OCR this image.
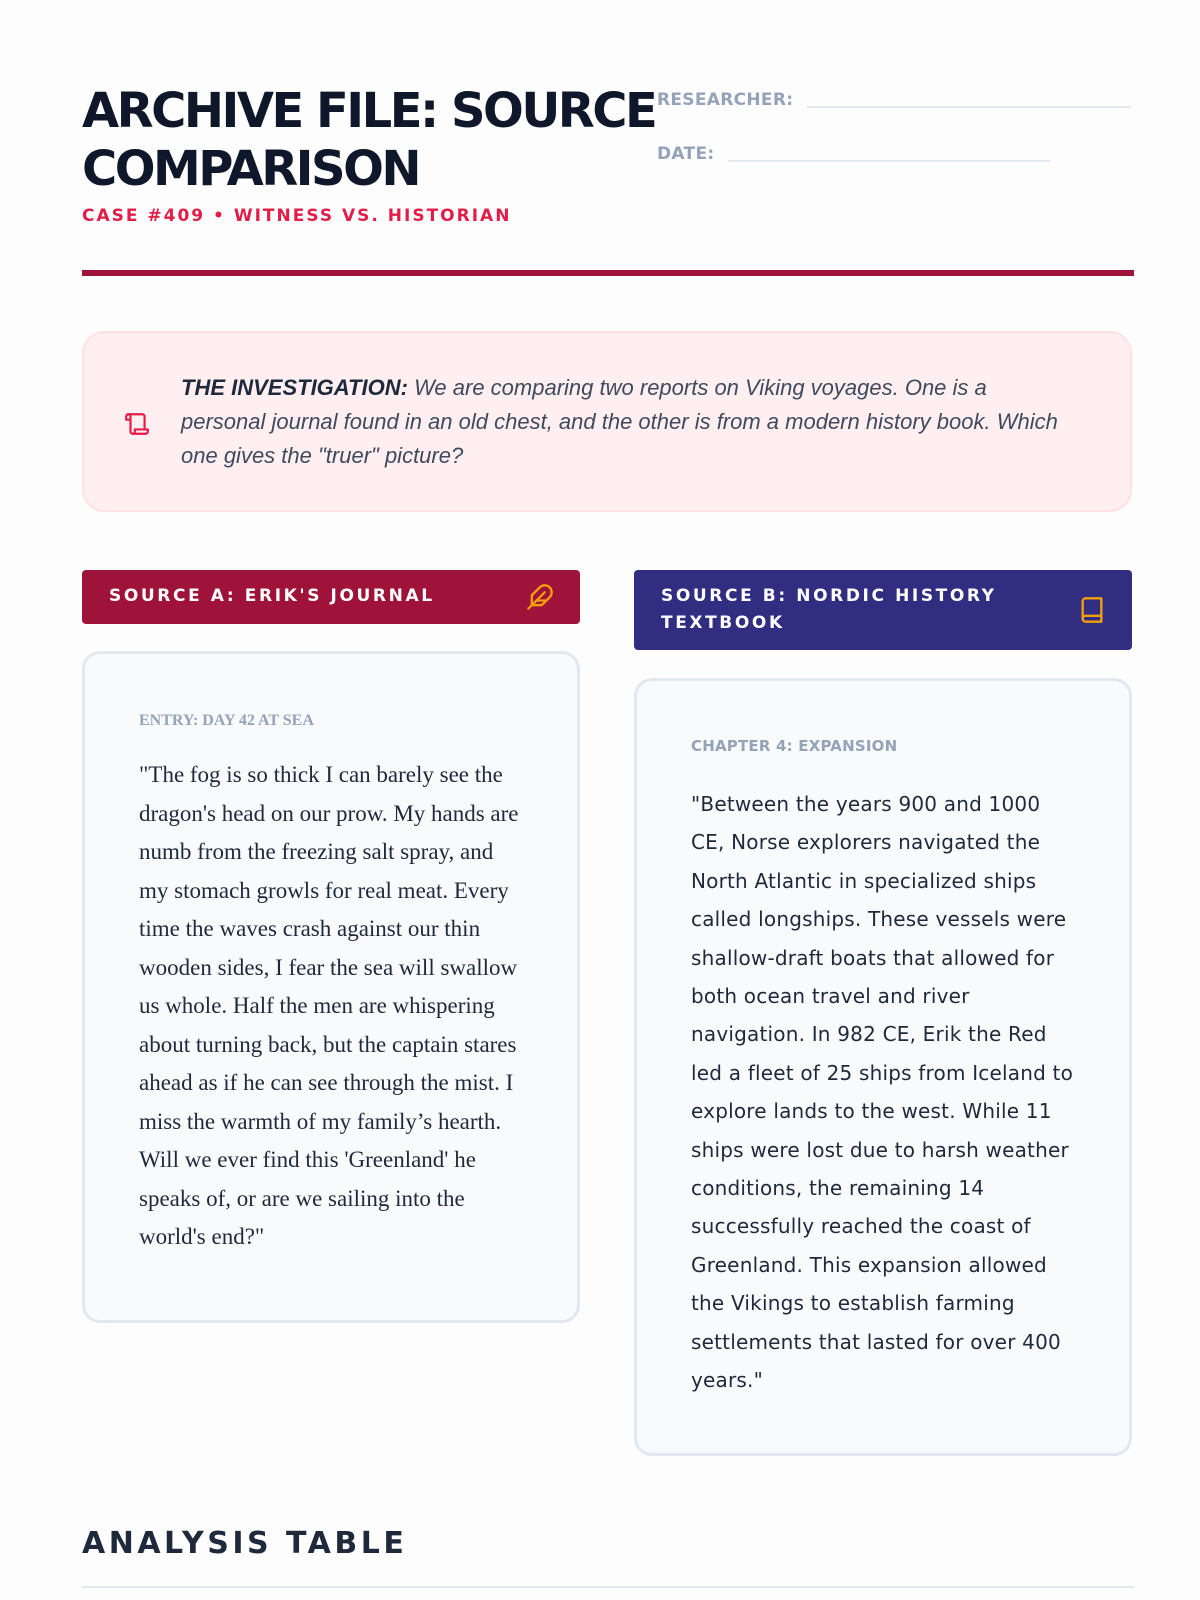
ARCHIVE FILE: SOURCE COMPARISON
CASE #409 • WITNESS VS. HISTORIAN
RESEARCHER:
DATE:

THE INVESTIGATION: We are comparing two reports on Viking voyages. One is a personal journal found in an old chest, and the other is from a modern history book. Which one gives the "truer" picture?

SOURCE A: ERIK'S JOURNAL	SOURCE B: NORDIC HISTORY TEXTBOOK
ENTRY: DAY 42 AT SEA

"The fog is so thick I can barely see the dragon's head on our prow. My hands are numb from the freezing salt spray, and my stomach growls for real meat. Every time the waves crash against our thin wooden sides, I fear the sea will swallow us whole. Half the men are whispering about turning back, but the captain stares ahead as if he can see through the mist. I miss the warmth of my family’s hearth. Will we ever find this 'Greenland' he speaks of, or are we sailing into the world's end?"

CHAPTER 4: EXPANSION

"Between the years 900 and 1000 CE, Norse explorers navigated the North Atlantic in specialized ships called longships. These vessels were shallow-draft boats that allowed for both ocean travel and river navigation. In 982 CE, Erik the Red led a fleet of 25 ships from Iceland to explore lands to the west. While 11 ships were lost due to harsh weather conditions, the remaining 14 successfully reached the coast of Greenland. This expansion allowed the Vikings to establish farming settlements that lasted for over 400 years."

ANALYSIS TABLE
